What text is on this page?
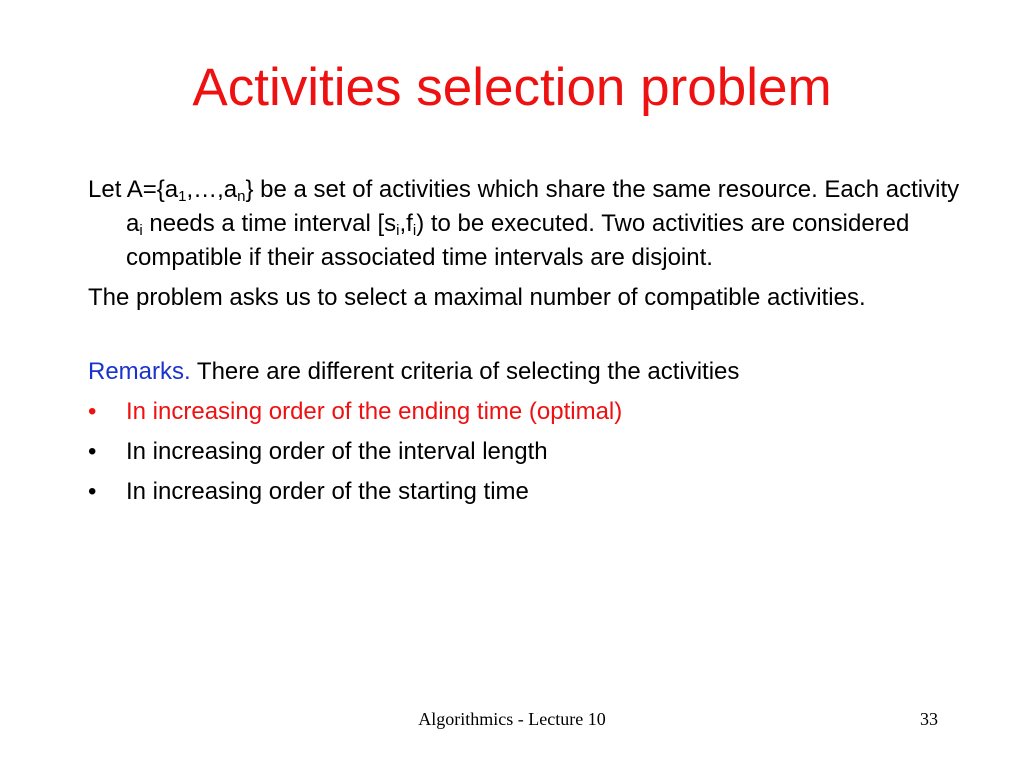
Activities selection problem

Let $A=\{a_1,\dots,a_n\}$ be a set of activities which share the same resource. Each activity $a_i$ needs a time interval $[s_i,f_i)$ to be executed. Two activities are considered compatible if their associated time intervals are disjoint.

The problem asks us to select a maximal number of compatible activities.

Remarks. There are different criteria of selecting the activities

•	In increasing order of the ending time (optimal)
•	In increasing order of the interval length
•	In increasing order of the starting time
Algorithmics - Lecture 10	33
